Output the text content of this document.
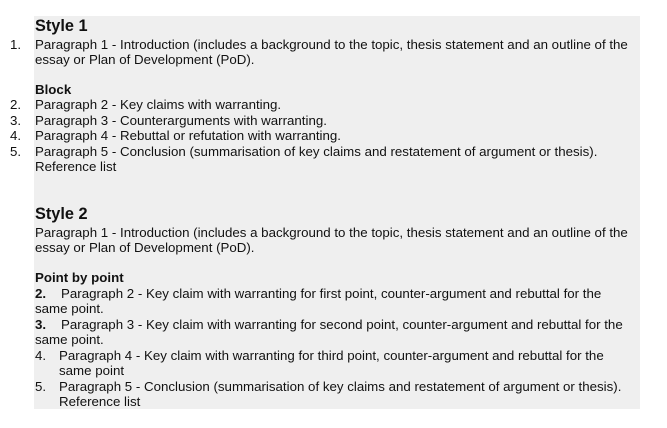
Style 1
1. Paragraph 1 - Introduction (includes a background to the topic, thesis statement and an outline of the
essay or Plan of Development (PoD).
Block
2. Paragraph 2 - Key claims with warranting.
3. Paragraph 3 - Counterarguments with warranting.
4. Paragraph 4 - Rebuttal or refutation with warranting.
5. Paragraph 5 - Conclusion (summarisation of key claims and restatement of argument or thesis).
Reference list
Style 2
Paragraph 1 - Introduction (includes a background to the topic, thesis statement and an outline of the
essay or Plan of Development (PoD).
Point by point
2.	Paragraph 2 - Key claim with warranting for first point, counter-argument and rebuttal for the
same point.
3.	Paragraph 3 - Key claim with warranting for second point, counter-argument and rebuttal for the
same point.
4. Paragraph 4 - Key claim with warranting for third point, counter-argument and rebuttal for the
same point
5. Paragraph 5 - Conclusion (summarisation of key claims and restatement of argument or thesis).
Reference list
